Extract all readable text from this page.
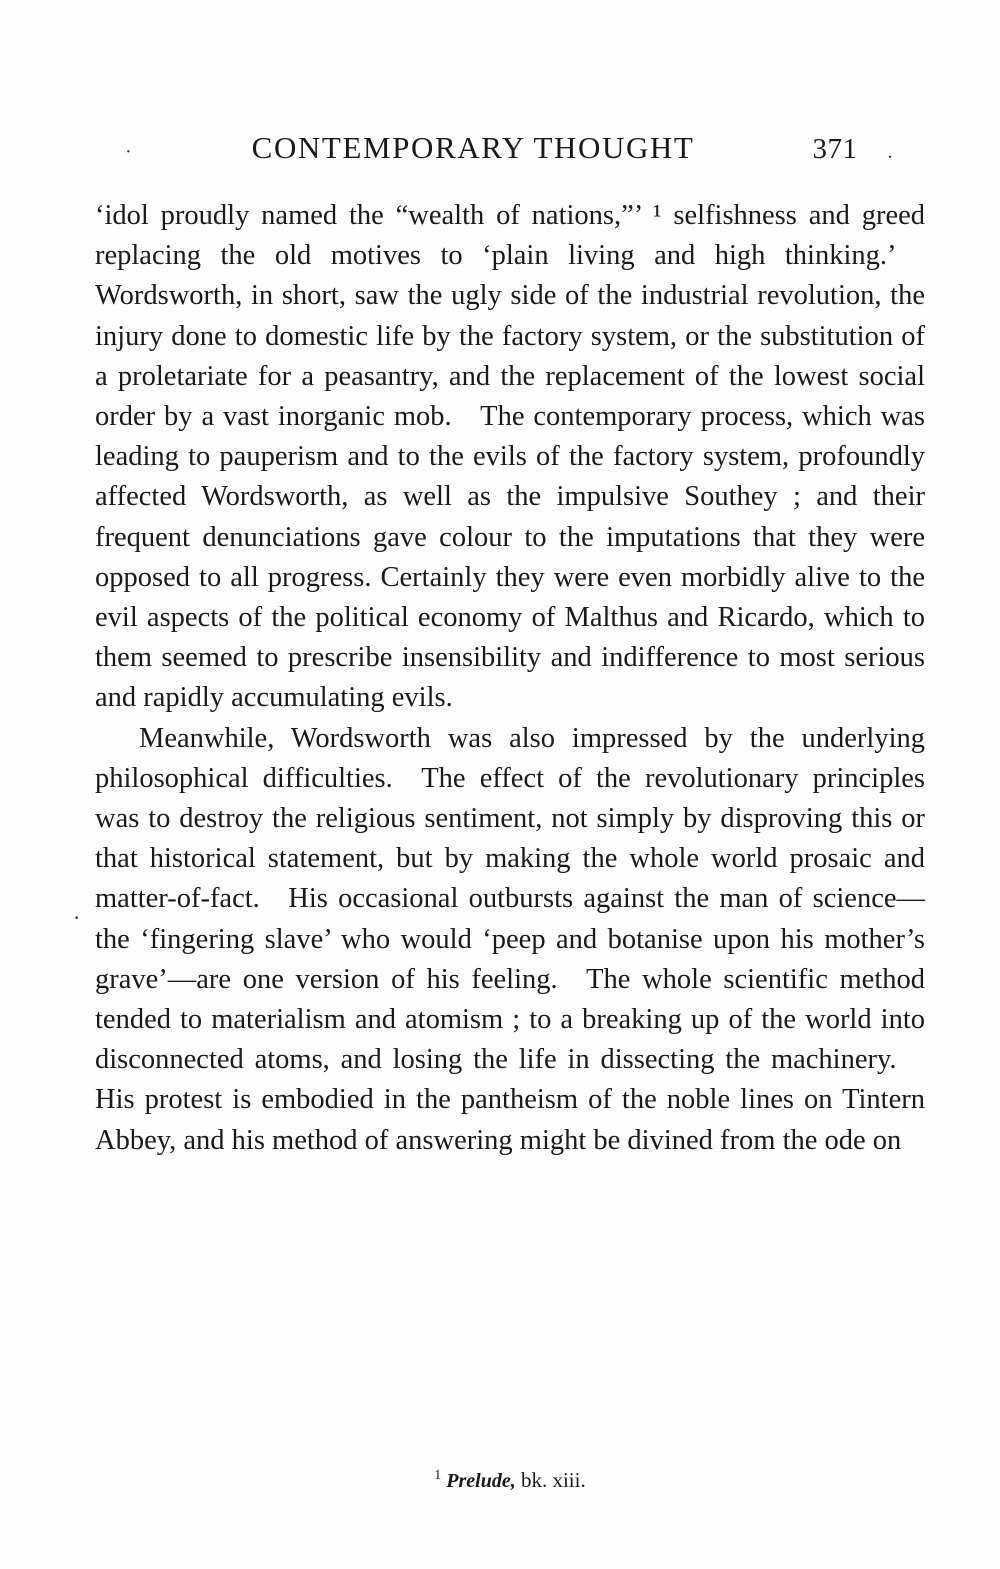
·	CONTEMPORARY THOUGHT	371 .
·

‘idol proudly named the “wealth of nations,”’ ¹ selfishness and greed replacing the old motives to ‘plain living and high thinking.’ Wordsworth, in short, saw the ugly side of the industrial revolution, the injury done to domestic life by the factory system, or the substitution of a proletariate for a peasantry, and the replacement of the lowest social order by a vast inorganic mob. The contemporary process, which was leading to pauperism and to the evils of the factory system, profoundly affected Wordsworth, as well as the impulsive Southey ; and their frequent denunciations gave colour to the imputations that they were opposed to all progress. Certainly they were even morbidly alive to the evil aspects of the political economy of Malthus and Ricardo, which to them seemed to prescribe insensibility and indifference to most serious and rapidly accumulating evils.

Meanwhile, Wordsworth was also impressed by the underlying philosophical difficulties. The effect of the revolutionary principles was to destroy the religious sentiment, not simply by disproving this or that historical statement, but by making the whole world prosaic and matter-of-fact. His occasional outbursts against the man of science—the ‘fingering slave’ who would ‘peep and botanise upon his mother’s grave’—are one version of his feeling. The whole scientific method tended to materialism and atomism ; to a breaking up of the world into disconnected atoms, and losing the life in dissecting the machinery. His protest is embodied in the pantheism of the noble lines on Tintern Abbey, and his method of answering might be divined from the ode on

$^1$ Prelude, bk. xiii.
